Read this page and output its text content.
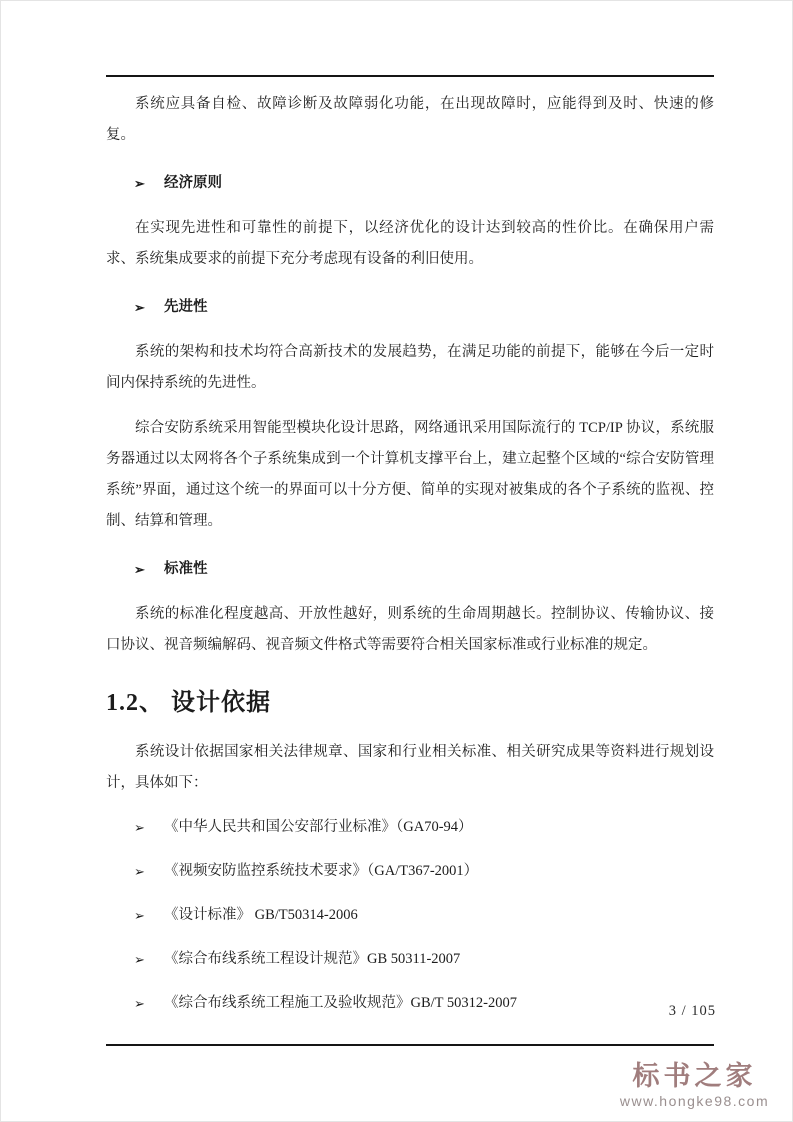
系统应具备自检、故障诊断及故障弱化功能，在出现故障时，应能得到及时、快速的修复。

➢	经济原则

在实现先进性和可靠性的前提下，以经济优化的设计达到较高的性价比。在确保用户需求、系统集成要求的前提下充分考虑现有设备的利旧使用。

➢	先进性

系统的架构和技术均符合高新技术的发展趋势，在满足功能的前提下，能够在今后一定时间内保持系统的先进性。

综合安防系统采用智能型模块化设计思路，网络通讯采用国际流行的 TCP/IP 协议，系统服务器通过以太网将各个子系统集成到一个计算机支撑平台上，建立起整个区域的“综合安防管理系统”界面，通过这个统一的界面可以十分方便、简单的实现对被集成的各个子系统的监视、控制、结算和管理。

➢	标准性

系统的标准化程度越高、开放性越好，则系统的生命周期越长。控制协议、传输协议、接口协议、视音频编解码、视音频文件格式等需要符合相关国家标准或行业标准的规定。

1.2、 设计依据

系统设计依据国家相关法律规章、国家和行业相关标准、相关研究成果等资料进行规划设计，具体如下：

➢	《中华人民共和国公安部行业标准》（GA70-94）
➢	《视频安防监控系统技术要求》（GA/T367-2001）
➢	《设计标准》 GB/T50314-2006
➢	《综合布线系统工程设计规范》GB 50311-2007
➢	《综合布线系统工程施工及验收规范》GB/T 50312-2007	3 / 105
标书之家
www.hongke98.com
